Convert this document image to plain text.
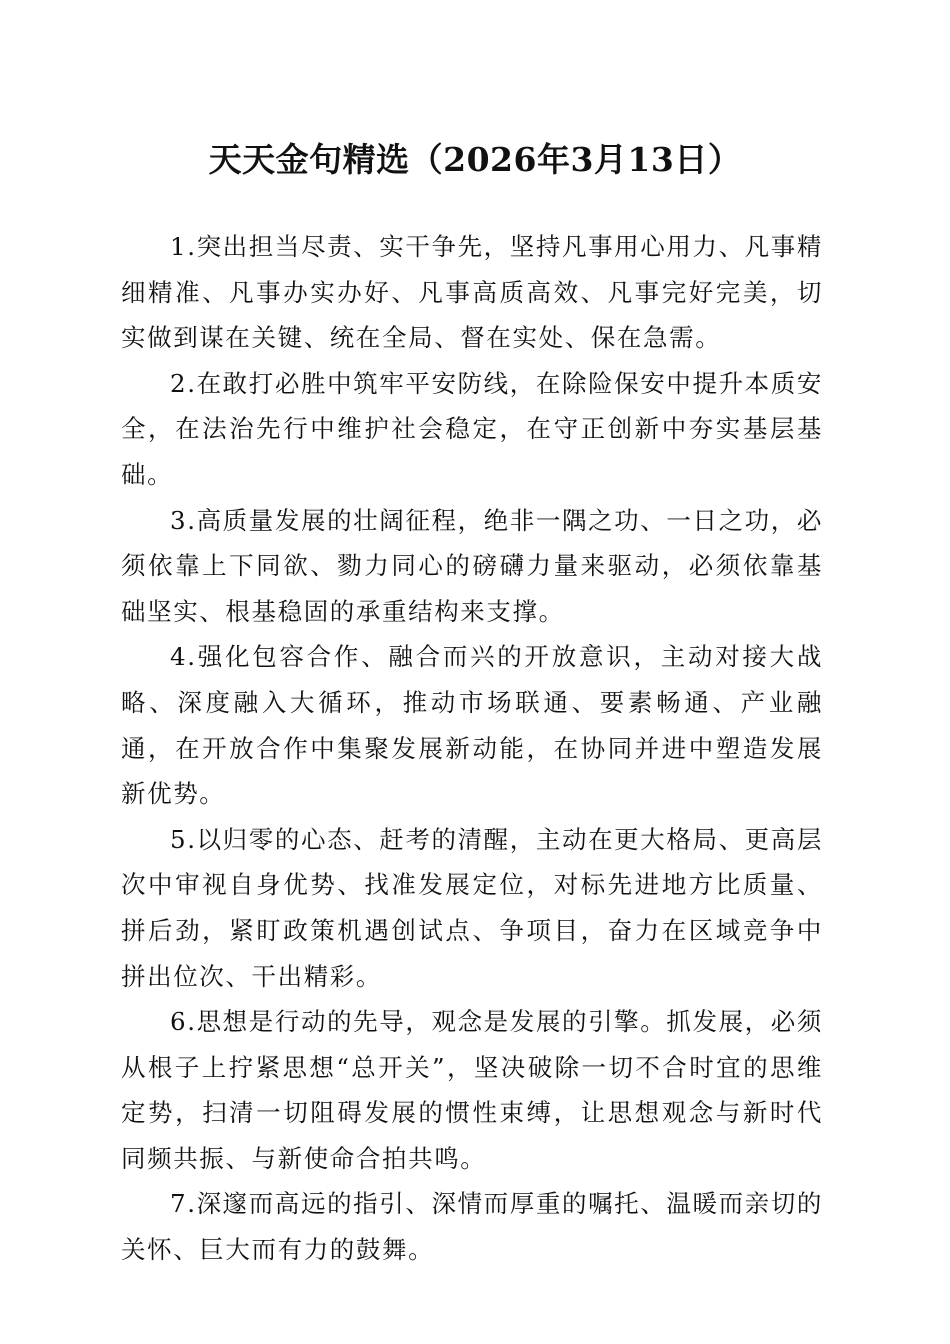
天天金句精选（2026年3月13日）

1.突出担当尽责、实干争先，坚持凡事用心用力、凡事精细精准、凡事办实办好、凡事高质高效、凡事完好完美，切实做到谋在关键、统在全局、督在实处、保在急需。

2.在敢打必胜中筑牢平安防线，在除险保安中提升本质安全，在法治先行中维护社会稳定，在守正创新中夯实基层基础。

3.高质量发展的壮阔征程，绝非一隅之功、一日之功，必须依靠上下同欲、勠力同心的磅礴力量来驱动，必须依靠基础坚实、根基稳固的承重结构来支撑。

4.强化包容合作、融合而兴的开放意识，主动对接大战略、深度融入大循环，推动市场联通、要素畅通、产业融通，在开放合作中集聚发展新动能，在协同并进中塑造发展新优势。

5.以归零的心态、赶考的清醒，主动在更大格局、更高层次中审视自身优势、找准发展定位，对标先进地方比质量、拼后劲，紧盯政策机遇创试点、争项目，奋力在区域竞争中拼出位次、干出精彩。

6.思想是行动的先导，观念是发展的引擎。抓发展，必须从根子上拧紧思想“总开关”，坚决破除一切不合时宜的思维定势，扫清一切阻碍发展的惯性束缚，让思想观念与新时代同频共振、与新使命合拍共鸣。

7.深邃而高远的指引、深情而厚重的嘱托、温暖而亲切的关怀、巨大而有力的鼓舞。
